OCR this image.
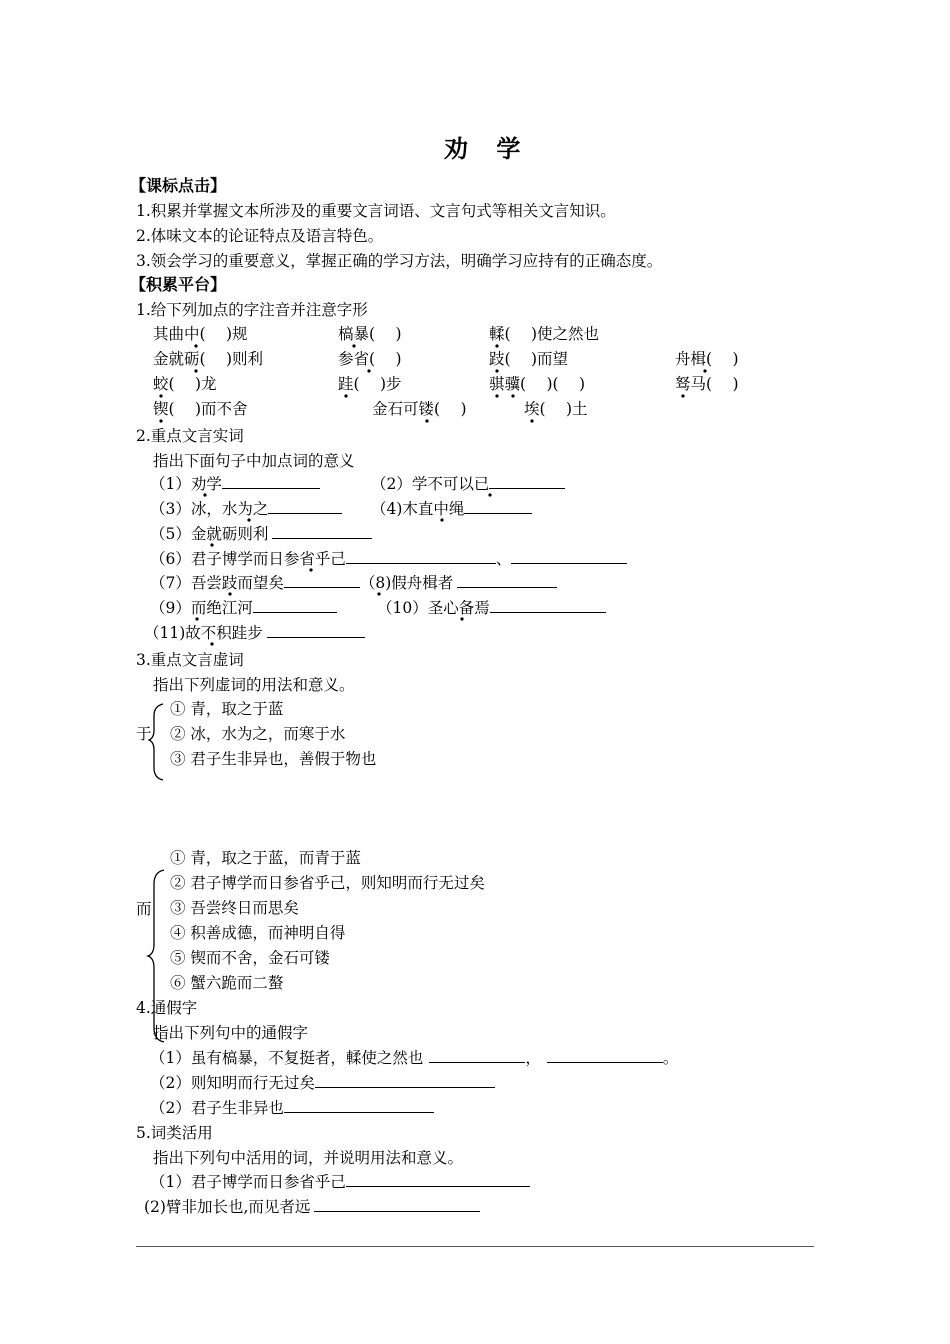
劝 学
【课标点击】
1.积累并掌握文本所涉及的重要文言词语、文言句式等相关文言知识。
2.体味文本的论证特点及语言特色。
3.领会学习的重要意义，掌握正确的学习方法，明确学习应持有的正确态度。
【积累平台】
1.给下列加点的字注音并注意字形
其曲中(　 )规	槁暴(　 )	輮(　 )使之然也
金就砺(　 )则利	参省(　 )	跂(　 )而望	舟楫(　 )
蛟(　 )龙	跬(　 )步	骐骥(　 )(　 )	驽马(　 )
锲(　 )而不舍	金石可镂(　 )	埃(　 )土
2.重点文言实词
指出下面句子中加点词的意义
（1）劝学	（2）学不可以已
（3）冰，水为之	（4)木直中绳
（5）金就砺则利
（6）君子博学而日参省乎己	、
（7）吾尝跂而望矣	（8)假舟楫者
（9）而绝江河	（10）圣心备焉
（11)故不积跬步
3.重点文言虚词
指出下列虚词的用法和意义。
于
① 青，取之于蓝
② 冰，水为之，而寒于水
③ 君子生非异也，善假于物也
而
① 青，取之于蓝，而青于蓝
② 君子博学而日参省乎己，则知明而行无过矣
③ 吾尝终日而思矣
④ 积善成德，而神明自得
⑤ 锲而不舍，金石可镂
⑥ 蟹六跪而二螯
4.通假字
指出下列句中的通假字
（1）虽有槁暴，不复挺者，輮使之然也	，	。
（2）则知明而行无过矣
（2）君子生非异也
5.词类活用
指出下列句中活用的词，并说明用法和意义。
（1）君子博学而日参省乎己
(2)臂非加长也,而见者远
